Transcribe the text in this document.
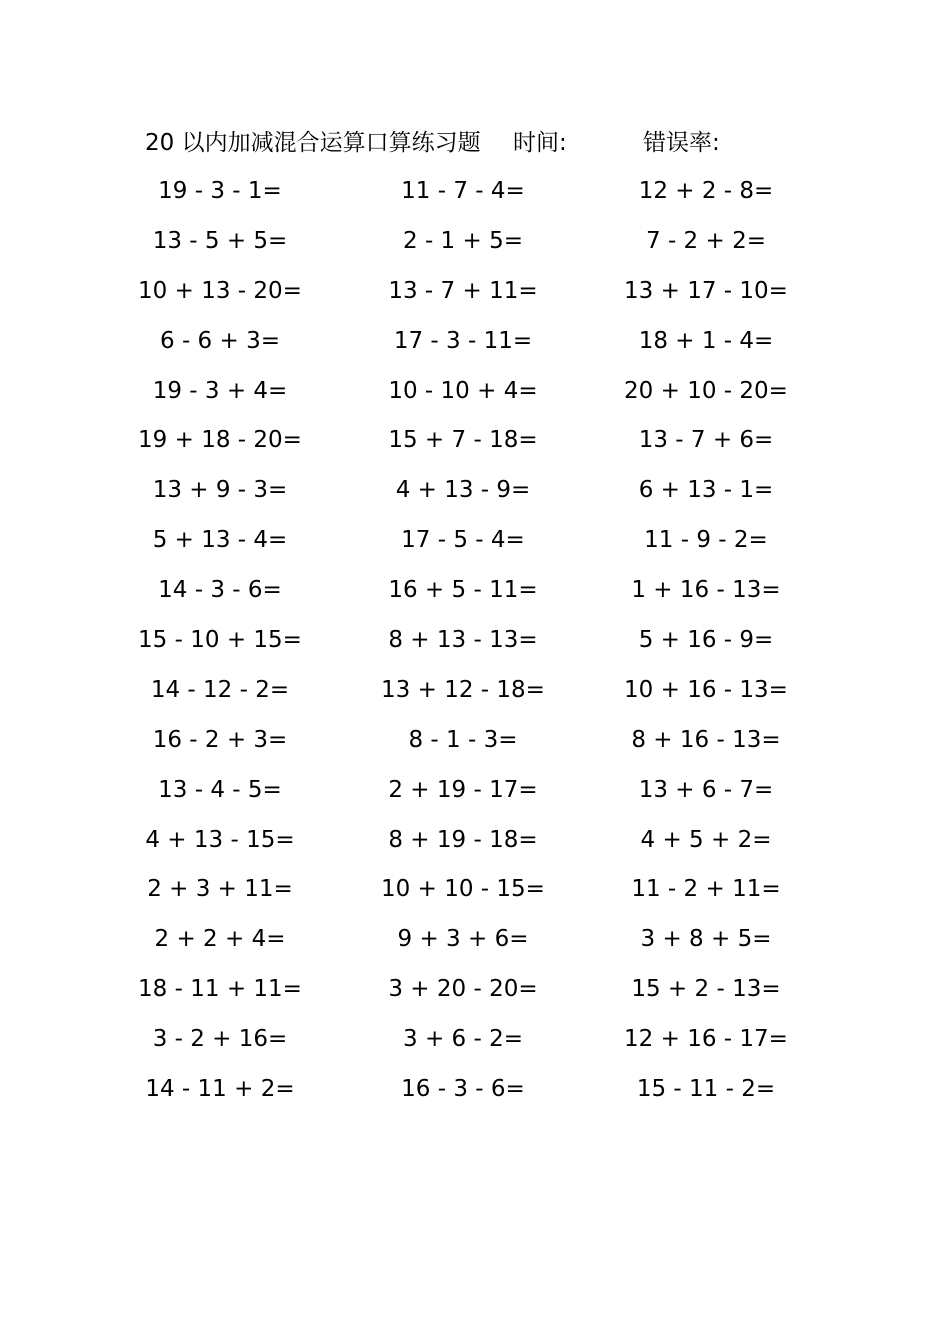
20 以内加减混合运算口算练习题 时间:	错误率:
19 - 3 - 1=	11 - 7 - 4=	12 + 2 - 8=
13 - 5 + 5=	2 - 1 + 5=	7 - 2 + 2=
10 + 13 - 20=	13 - 7 + 11=	13 + 17 - 10=
6 - 6 + 3=	17 - 3 - 11=	18 + 1 - 4=
19 - 3 + 4=	10 - 10 + 4=	20 + 10 - 20=
19 + 18 - 20=	15 + 7 - 18=	13 - 7 + 6=
13 + 9 - 3=	4 + 13 - 9=	6 + 13 - 1=
5 + 13 - 4=	17 - 5 - 4=	11 - 9 - 2=
14 - 3 - 6=	16 + 5 - 11=	1 + 16 - 13=
15 - 10 + 15=	8 + 13 - 13=	5 + 16 - 9=
14 - 12 - 2=	13 + 12 - 18=	10 + 16 - 13=
16 - 2 + 3=	8 - 1 - 3=	8 + 16 - 13=
13 - 4 - 5=	2 + 19 - 17=	13 + 6 - 7=
4 + 13 - 15=	8 + 19 - 18=	4 + 5 + 2=
2 + 3 + 11=	10 + 10 - 15=	11 - 2 + 11=
2 + 2 + 4=	9 + 3 + 6=	3 + 8 + 5=
18 - 11 + 11=	3 + 20 - 20=	15 + 2 - 13=
3 - 2 + 16=	3 + 6 - 2=	12 + 16 - 17=
14 - 11 + 2=	16 - 3 - 6=	15 - 11 - 2=
